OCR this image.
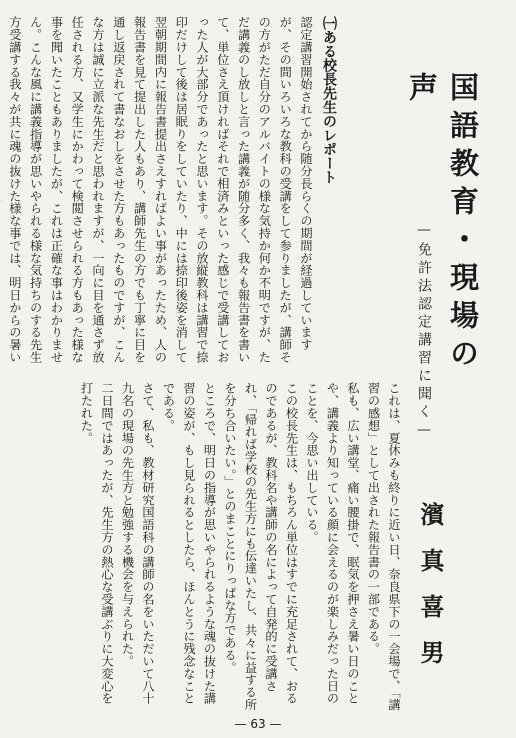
国語教育・現場の声
—免許法認定講習に聞く—
濱真喜男
㈠ある校長先生のレポート
認定講習開始されてから随分長らくの期間が経過していますが、その間いろいろな教科の受講をして参りましたが、講師その方がただ自分のアルバイトの様な気持か何か不明ですが、ただ講義のし放しと言った講義が随分多く、我々も報告書を書いて、単位さえ頂ければそれで相済みといった感じで受講しておった人が大部分であったと思います。その放縦教科は講習で捺印だけして後は居眠りをしていたり、中には捺印後姿を消して翌朝期間内に報告書提出さえすればよい事があったため、人の報告書を見て提出した人もあり、講師先生の方でも丁寧に目を通し返戻されて書なおしをさせた方もあったものですが、こんな方は誠に立派な先生だと思われますが、一向に目を通さず放任される方、又学生にかわって検閲させられる方もあった様な事を聞いたこともありましたが、これは正確な事はわかりません。こんな風に講義指導が思いやられる様な気持ちのする先生方受講する我々が共に魂の抜けた様な事では、明日からの暑い
これは、夏休みも終りに近い日、奈良県下の一会場で、「講習の感想」として出された報告書の一部である。
私も、広い講堂、痛い腰掛で、眠気を押さえ暑い日のことや、講義より知っている顔に会えるのが楽しみだった日のことを、今思い出している。
この校長先生は、もちろん単位はすでに充足されて、おるのであるが、教科名や講師の名によって自発的に受講され、「帰れば学校の先生方にも伝達いたし、共々に益する所を分ち合いたい。」とのまことにりっぱな方である。
ところで、明日の指導が思いやられるような魂の抜けた講習の姿が、もし見られるとしたら、ほんとうに残念なことである。
さて、私も、教材研究国語科の講師の名をいただいて八十九名の現場の先生方と勉強する機会を与えられた。
二日間ではあったが、先生方の熱心な受講ぶりに大変心を打たれた。
— 63 —
